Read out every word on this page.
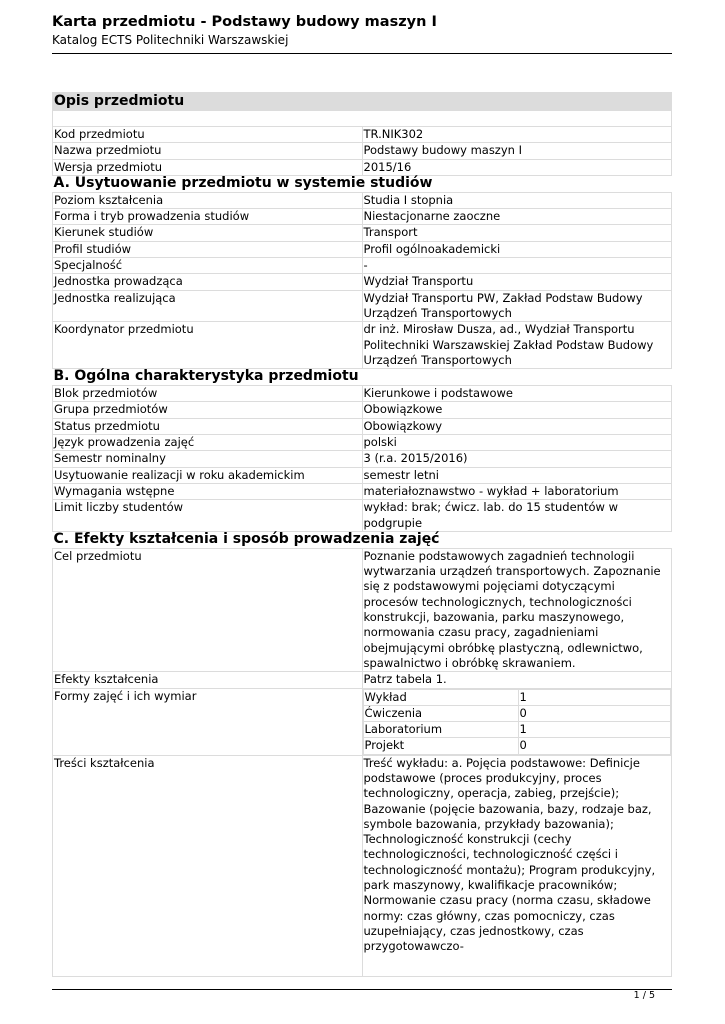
Karta przedmiotu - Podstawy budowy maszyn I
Katalog ECTS Politechniki Warszawskiej
Opis przedmiotu

Kod przedmiotu	TR.NIK302
Nazwa przedmiotu	Podstawy budowy maszyn I
Wersja przedmiotu	2015/16
A. Usytuowanie przedmiotu w systemie studiów
Poziom kształcenia	Studia I stopnia
Forma i tryb prowadzenia studiów	Niestacjonarne zaoczne
Kierunek studiów	Transport
Profil studiów	Profil ogólnoakademicki
Specjalność	-
Jednostka prowadząca	Wydział Transportu
Jednostka realizująca	Wydział Transportu PW, Zakład Podstaw Budowy Urządzeń Transportowych
Koordynator przedmiotu	dr inż. Mirosław Dusza, ad., Wydział Transportu Politechniki Warszawskiej Zakład Podstaw Budowy Urządzeń Transportowych
B. Ogólna charakterystyka przedmiotu
Blok przedmiotów	Kierunkowe i podstawowe
Grupa przedmiotów	Obowiązkowe
Status przedmiotu	Obowiązkowy
Język prowadzenia zajęć	polski
Semestr nominalny	3 (r.a. 2015/2016)
Usytuowanie realizacji w roku akademickim	semestr letni
Wymagania wstępne	materiałoznawstwo - wykład + laboratorium
Limit liczby studentów	wykład: brak; ćwicz. lab. do 15 studentów w podgrupie
C. Efekty kształcenia i sposób prowadzenia zajęć
Cel przedmiotu	Poznanie podstawowych zagadnień technologii wytwarzania urządzeń transportowych. Zapoznanie się z podstawowymi pojęciami dotyczącymi procesów technologicznych, technologiczności konstrukcji, bazowania, parku maszynowego, normowania czasu pracy, zagadnieniami obejmującymi obróbkę plastyczną, odlewnictwo, spawalnictwo i obróbkę skrawaniem.
Efekty kształcenia	Patrz tabela 1.
Formy zajęć i ich wymiar		Wykład	1
Ćwiczenia	0
Laboratorium	1
Projekt	0

Treści kształcenia	Treść wykładu: a. Pojęcia podstawowe: Definicje podstawowe (proces produkcyjny, proces technologiczny, operacja, zabieg, przejście); Bazowanie (pojęcie bazowania, bazy, rodzaje baz, symbole bazowania, przykłady bazowania); Technologiczność konstrukcji (cechy technologiczności, technologiczność części i technologiczność montażu); Program produkcyjny, park maszynowy, kwalifikacje pracowników; Normowanie czasu pracy (norma czasu, składowe normy: czas główny, czas pomocniczy, czas uzupełniający, czas jednostkowy, czas przygotowawczo-
1 / 5
